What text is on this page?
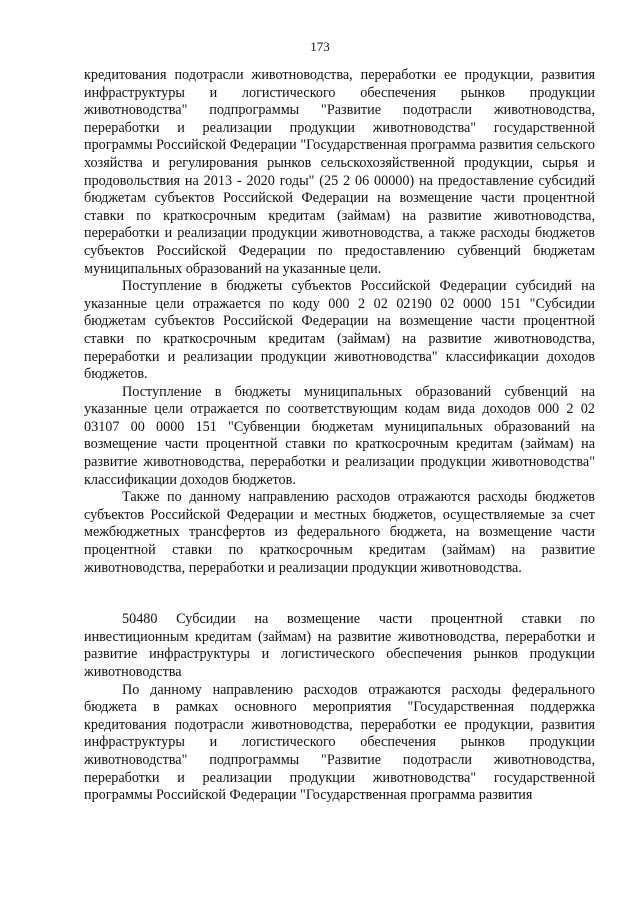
173

кредитования подотрасли животноводства, переработки ее продукции, развития инфраструктуры и логистического обеспечения рынков продукции животноводства" подпрограммы "Развитие подотрасли животноводства, переработки и реализации продукции животноводства" государственной программы Российской Федерации "Государственная программа развития сельского хозяйства и регулирования рынков сельскохозяйственной продукции, сырья и продовольствия на 2013 - 2020 годы" (25 2 06 00000) на предоставление субсидий бюджетам субъектов Российской Федерации на возмещение части процентной ставки по краткосрочным кредитам (займам) на развитие животноводства, переработки и реализации продукции животноводства, а также расходы бюджетов субъектов Российской Федерации по предоставлению субвенций бюджетам муниципальных образований на указанные цели.

Поступление в бюджеты субъектов Российской Федерации субсидий на указанные цели отражается по коду 000 2 02 02190 02 0000 151 "Субсидии бюджетам субъектов Российской Федерации на возмещение части процентной ставки по краткосрочным кредитам (займам) на развитие животноводства, переработки и реализации продукции животноводства" классификации доходов бюджетов.

Поступление в бюджеты муниципальных образований субвенций на указанные цели отражается по соответствующим кодам вида доходов 000 2 02 03107 00 0000 151 "Субвенции бюджетам муниципальных образований на возмещение части процентной ставки по краткосрочным кредитам (займам) на развитие животноводства, переработки и реализации продукции животноводства" классификации доходов бюджетов.

Также по данному направлению расходов отражаются расходы бюджетов субъектов Российской Федерации и местных бюджетов, осуществляемые за счет межбюджетных трансфертов из федерального бюджета, на возмещение части процентной ставки по краткосрочным кредитам (займам) на развитие животноводства, переработки и реализации продукции животноводства.

50480 Субсидии на возмещение части процентной ставки по инвестиционным кредитам (займам) на развитие животноводства, переработки и развитие инфраструктуры и логистического обеспечения рынков продукции животноводства

По данному направлению расходов отражаются расходы федерального бюджета в рамках основного мероприятия "Государственная поддержка кредитования подотрасли животноводства, переработки ее продукции, развития инфраструктуры и логистического обеспечения рынков продукции животноводства" подпрограммы "Развитие подотрасли животноводства, переработки и реализации продукции животноводства" государственной программы Российской Федерации "Государственная программа развития
